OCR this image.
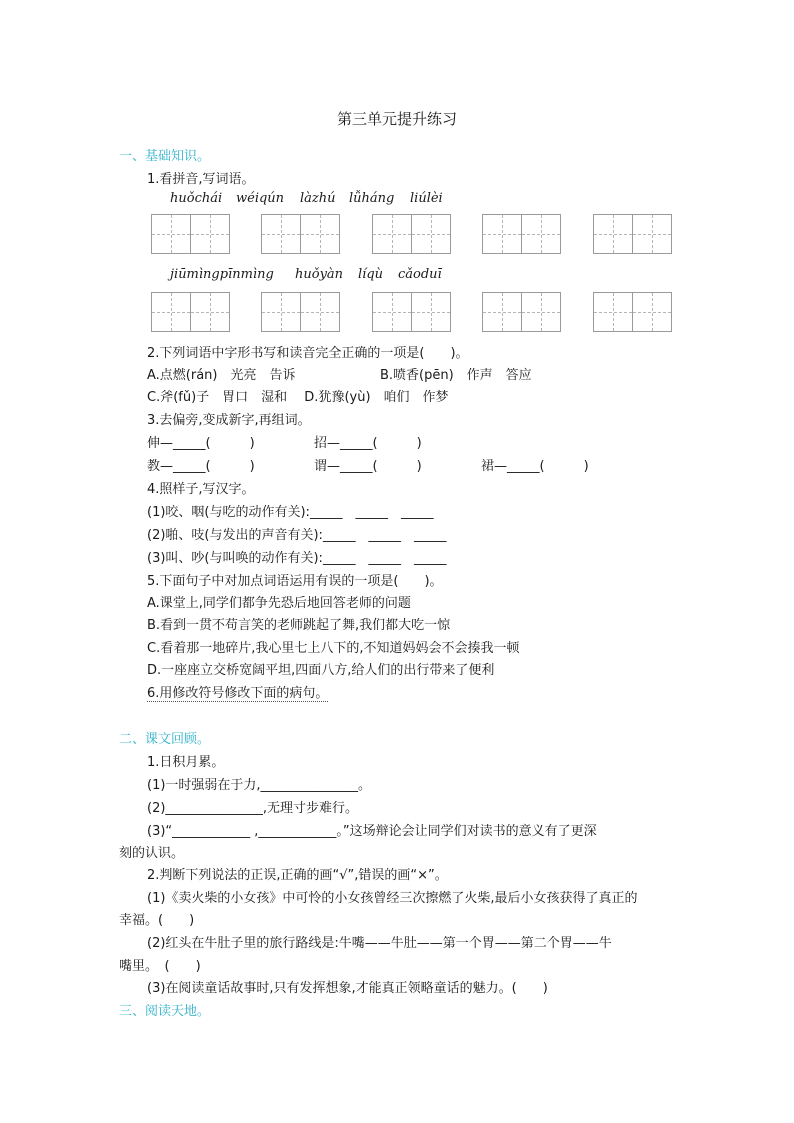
第三单元提升练习
一、基础知识。
1.看拼音,写词语。
huǒchái wéiqún làzhú lǚháng liúlèi
jiūmìngpīnmìng huǒyàn líqù cǎoduī
2.下列词语中字形书写和读音完全正确的一项是(　　)。
A.点燃(rán)　光亮　告诉	B.喷香(pēn)　作声　答应
C.斧(fǔ)子　胃口　湿和　 D.犹豫(yù)　咱们　作梦
3.去偏旁,变成新字,再组词。
伸—_____(　　　)	招—_____(　　　)
教—_____(　　　)	谓—_____(　　　)	裙—_____(　　　)
4.照样子,写汉字。
(1)咬、咽(与吃的动作有关):_____　_____　_____
(2)啪、吱(与发出的声音有关):_____　_____　_____
(3)叫、吵(与叫唤的动作有关):_____　_____　_____
5.下面句子中对加点词语运用有误的一项是(　　)。
A.课堂上,同学们都争先恐后地回答老师的问题
B.看到一贯不苟言笑的老师跳起了舞,我们都大吃一惊
C.看着那一地碎片,我心里七上八下的,不知道妈妈会不会揍我一顿
D.一座座立交桥宽阔平坦,四面八方,给人们的出行带来了便利
6.用修改符号修改下面的病句。
二、课文回顾。
1.日积月累。
(1)一时强弱在于力,_______________。
(2)_______________,无理寸步难行。
(3)“____________ ,____________。”这场辩论会让同学们对读书的意义有了更深
刻的认识。
2.判断下列说法的正误,正确的画“√”,错误的画“×”。
(1)《卖火柴的小女孩》中可怜的小女孩曾经三次擦燃了火柴,最后小女孩获得了真正的
幸福。(　　)
(2)红头在牛肚子里的旅行路线是:牛嘴——牛肚——第一个胃——第二个胃——牛
嘴里。　(　　)
(3)在阅读童话故事时,只有发挥想象,才能真正领略童话的魅力。(　　)
三、阅读天地。
